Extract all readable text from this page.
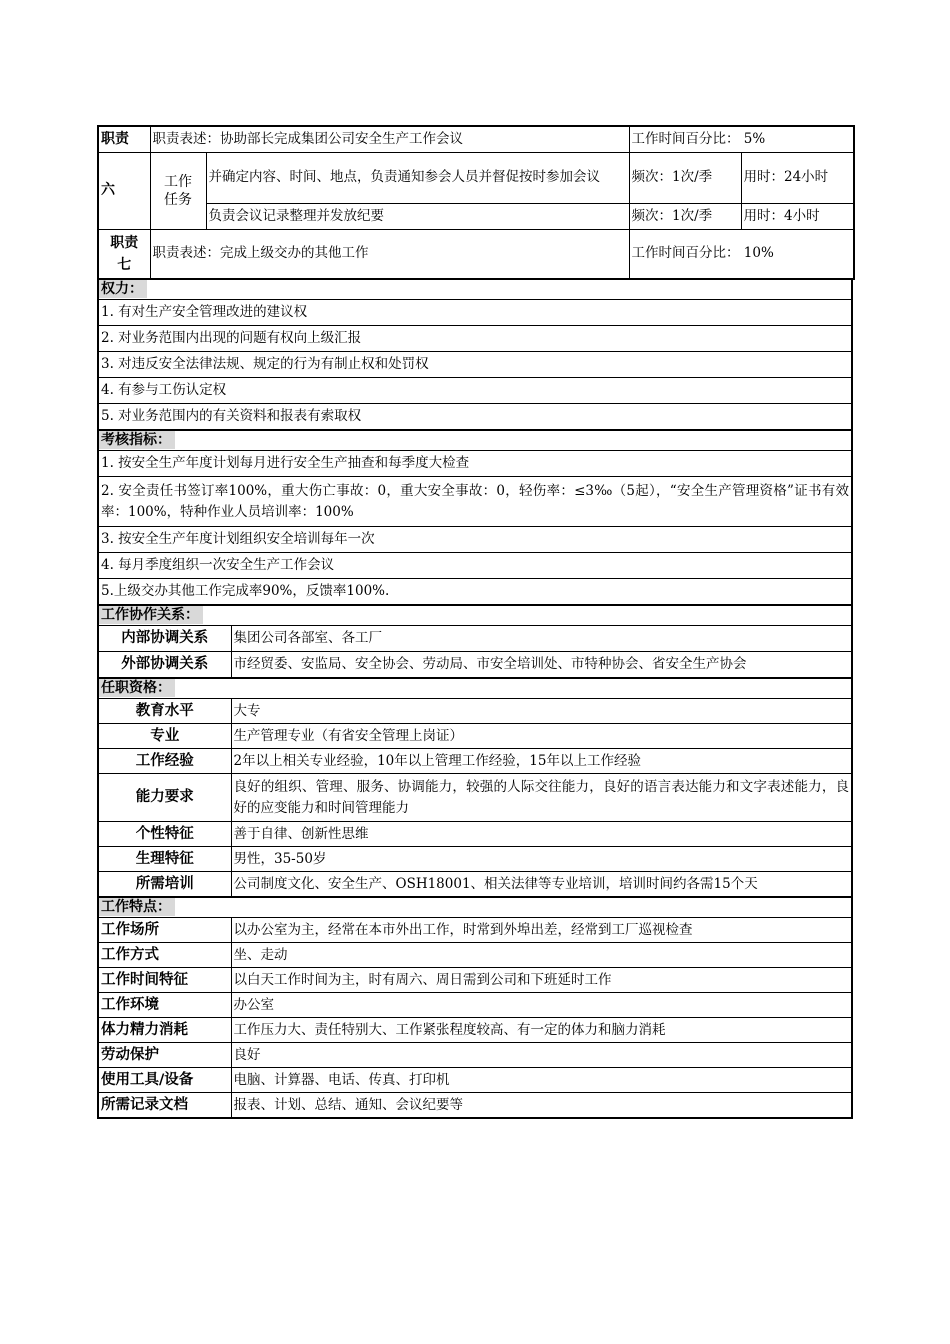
职责	职责表述：协助部长完成集团公司安全生产工作会议		工作时间百分比： 5%	
六	工作任务	并确定内容、时间、地点，负责通知参会人员并督促按时参加会议	频次：1次/季	用时：24小时
		负责会议记录整理并发放纪要	频次：1次/季	用时：4小时
职责七	职责表述：完成上级交办的其他工作		工作时间百分比： 10%	
权力：
1. 有对生产安全管理改进的建议权
2. 对业务范围内出现的问题有权向上级汇报
3. 对违反安全法律法规、规定的行为有制止权和处罚权
4. 有参与工伤认定权
5. 对业务范围内的有关资料和报表有索取权
考核指标：
1. 按安全生产年度计划每月进行安全生产抽查和每季度大检查
2. 安全责任书签订率100%，重大伤亡事故：0，重大安全事故：0，轻伤率：≤3‰（5起），“安全生产管理资格”证书有效率：100%，特种作业人员培训率：100%
3. 按安全生产年度计划组织安全培训每年一次
4. 每月季度组织一次安全生产工作会议
5.上级交办其他工作完成率90%，反馈率100%.
工作协作关系：	
内部协调关系	集团公司各部室、各工厂
外部协调关系	市经贸委、安监局、安全协会、劳动局、市安全培训处、市特种协会、省安全生产协会
任职资格：	
教育水平	大专
专业	生产管理专业（有省安全管理上岗证）
工作经验	2年以上相关专业经验，10年以上管理工作经验，15年以上工作经验
能力要求	良好的组织、管理、服务、协调能力，较强的人际交往能力，良好的语言表达能力和文字表述能力，良好的应变能力和时间管理能力
个性特征	善于自律、创新性思维
生理特征	男性，35-50岁
所需培训	公司制度文化、安全生产、OSH18001、相关法律等专业培训，培训时间约各需15个天
工作特点：	
工作场所	以办公室为主，经常在本市外出工作，时常到外埠出差，经常到工厂巡视检查
工作方式	坐、走动
工作时间特征	以白天工作时间为主，时有周六、周日需到公司和下班延时工作
工作环境	办公室
体力精力消耗	工作压力大、责任特别大、工作紧张程度较高、有一定的体力和脑力消耗
劳动保护	良好
使用工具/设备	电脑、计算器、电话、传真、打印机
所需记录文档	报表、计划、总结、通知、会议纪要等
